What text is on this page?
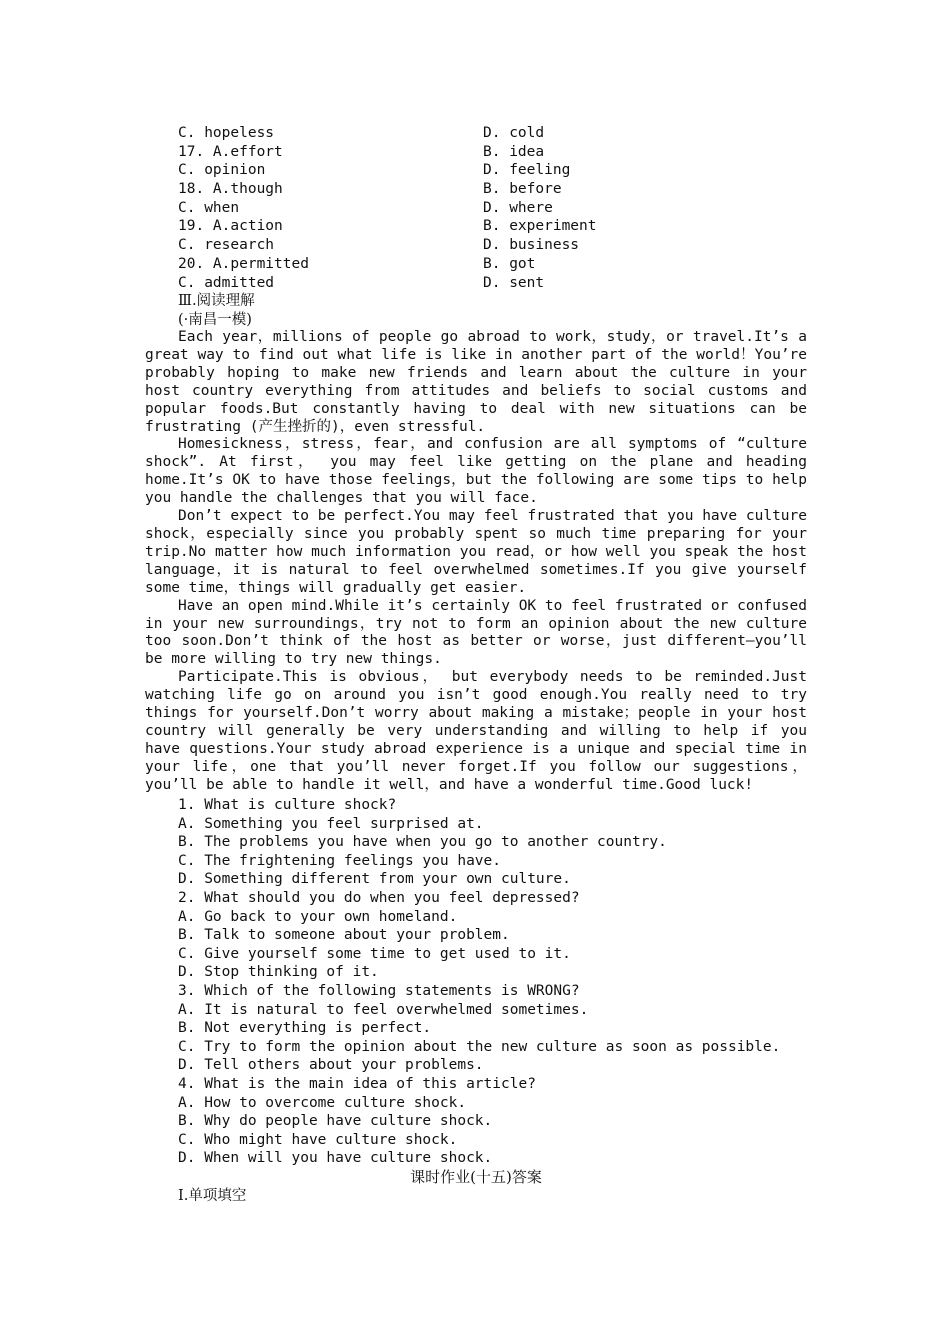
C. hopeless	D. cold
17. A.effort	B. idea
C. opinion	D. feeling
18. A.though	B. before
C. when	D. where
19. A.action	B. experiment
C. research	D. business
20. A.permitted	B. got
C. admitted	D. sent
Ⅲ.阅读理解
(·南昌一模)
Each year，millions of people go abroad to work，study，or travel.It’s a great way to find out what life is like in another part of the world！You’re probably hoping to make new friends and learn about the culture in your host country everything from attitudes and beliefs to social customs and popular foods.But constantly having to deal with new situations can be frustrating (产生挫折的)，even stressful.
Homesickness，stress，fear，and confusion are all symptoms of “culture shock”. At first， you may feel like getting on the plane and heading home.It’s OK to have those feelings，but the following are some tips to help you handle the challenges that you will face.
Don’t expect to be perfect.You may feel frustrated that you have culture shock，especially since you probably spent so much time preparing for your trip.No matter how much information you read，or how well you speak the host language，it is natural to feel overwhelmed sometimes.If you give yourself some time，things will gradually get easier.
Have an open mind.While it’s certainly OK to feel frustrated or confused in your new surroundings，try not to form an opinion about the new culture too soon.Don’t think of the host as better or worse，just different—you’ll be more willing to try new things.
Participate.This is obvious， but everybody needs to be reminded.Just watching life go on around you isn’t good enough.You really need to try things for yourself.Don’t worry about making a mistake；people in your host country will generally be very understanding and willing to help if you have questions.Your study abroad experience is a unique and special time in your life，one that you’ll never forget.If you follow our suggestions，you’ll be able to handle it well，and have a wonderful time.Good luck!
1. What is culture shock?
A. Something you feel surprised at.
B. The problems you have when you go to another country.
C. The frightening feelings you have.
D. Something different from your own culture.
2. What should you do when you feel depressed?
A. Go back to your own homeland.
B. Talk to someone about your problem.
C. Give yourself some time to get used to it.
D. Stop thinking of it.
3. Which of the following statements is WRONG?
A. It is natural to feel overwhelmed sometimes.
B. Not everything is perfect.
C. Try to form the opinion about the new culture as soon as possible.
D. Tell others about your problems.
4. What is the main idea of this article?
A. How to overcome culture shock.
B. Why do people have culture shock.
C. Who might have culture shock.
D. When will you have culture shock.
课时作业(十五)答案
Ⅰ.单项填空
